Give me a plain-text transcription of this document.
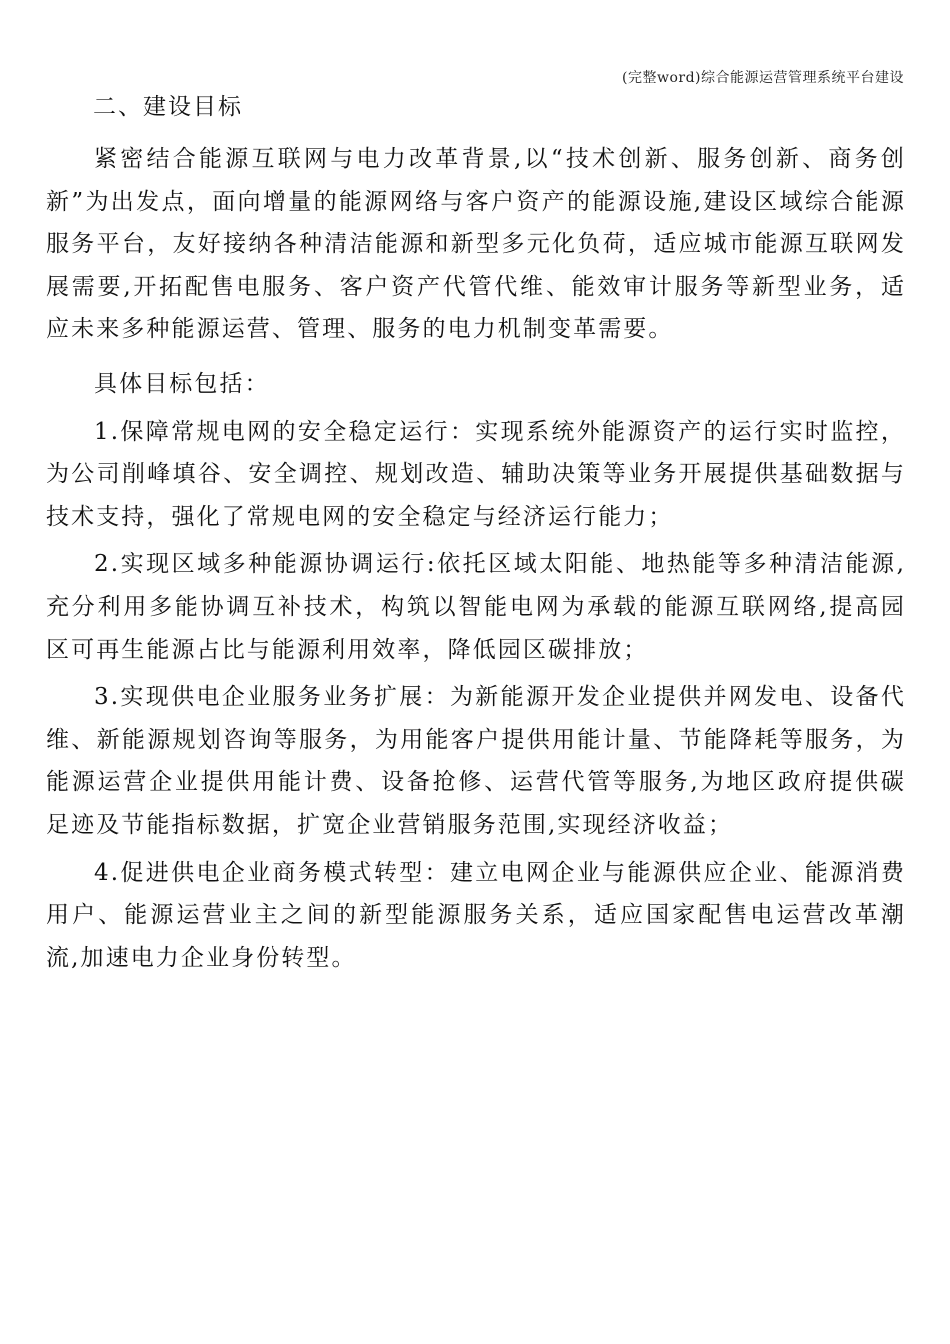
(完整word)综合能源运营管理系统平台建设
二、建设目标

紧密结合能源互联网与电力改革背景,以“技术创新、服务创新、商务创新”为出发点，面向增量的能源网络与客户资产的能源设施,建设区域综合能源服务平台，友好接纳各种清洁能源和新型多元化负荷，适应城市能源互联网发展需要,开拓配售电服务、客户资产代管代维、能效审计服务等新型业务，适应未来多种能源运营、管理、服务的电力机制变革需要。

具体目标包括：

1.保障常规电网的安全稳定运行：实现系统外能源资产的运行实时监控，为公司削峰填谷、安全调控、规划改造、辅助决策等业务开展提供基础数据与技术支持，强化了常规电网的安全稳定与经济运行能力；

2.实现区域多种能源协调运行:依托区域太阳能、地热能等多种清洁能源,充分利用多能协调互补技术，构筑以智能电网为承载的能源互联网络,提高园区可再生能源占比与能源利用效率，降低园区碳排放；

3.实现供电企业服务业务扩展：为新能源开发企业提供并网发电、设备代维、新能源规划咨询等服务，为用能客户提供用能计量、节能降耗等服务，为能源运营企业提供用能计费、设备抢修、运营代管等服务,为地区政府提供碳足迹及节能指标数据，扩宽企业营销服务范围,实现经济收益；

4.促进供电企业商务模式转型：建立电网企业与能源供应企业、能源消费用户、能源运营业主之间的新型能源服务关系，适应国家配售电运营改革潮流,加速电力企业身份转型。
